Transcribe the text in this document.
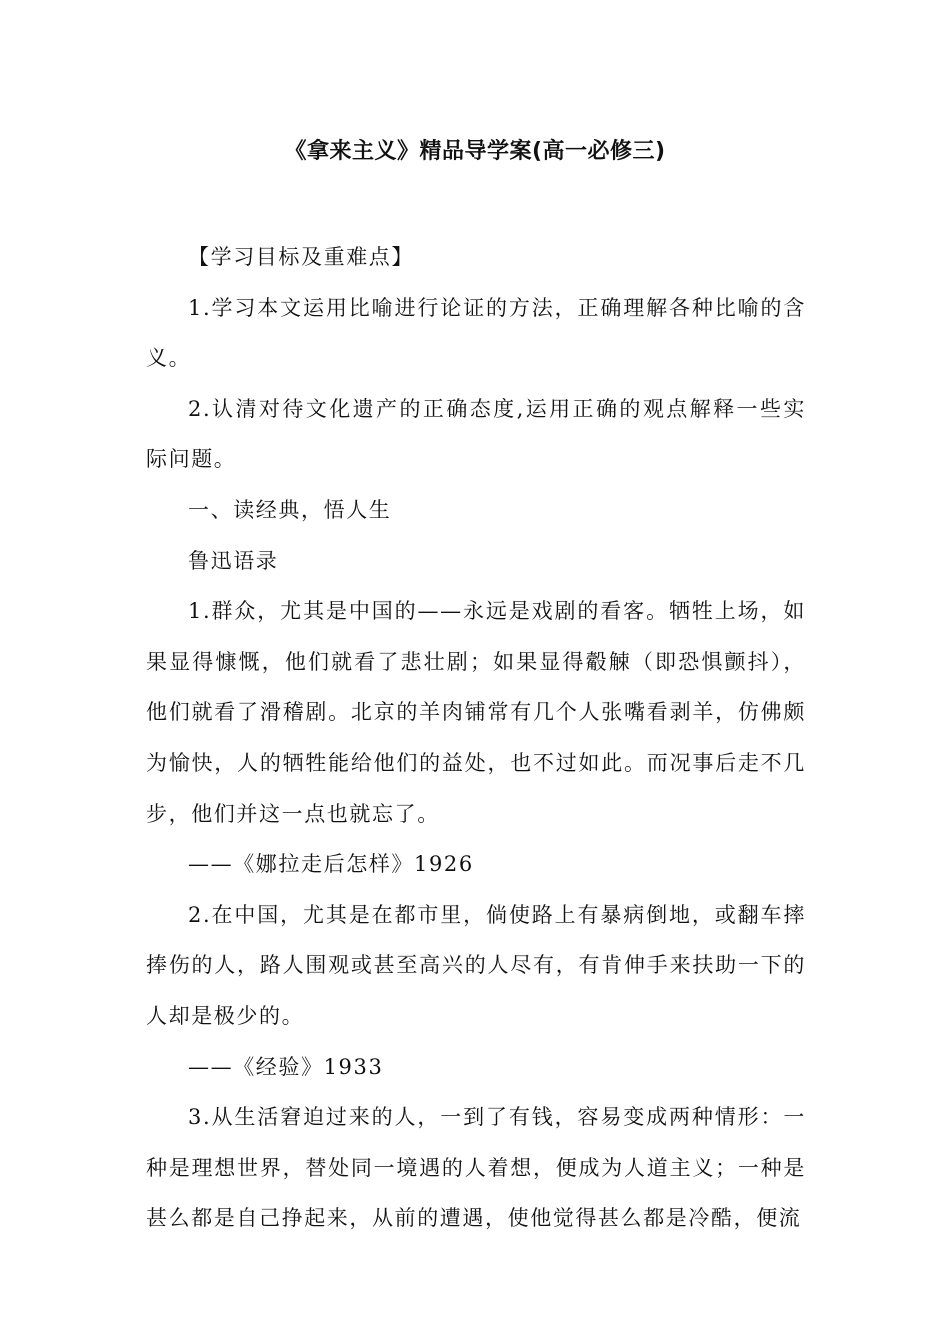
《拿来主义》精品导学案(高一必修三)

【学习目标及重难点】

1.学习本文运用比喻进行论证的方法，正确理解各种比喻的含义。

2.认清对待文化遗产的正确态度,运用正确的观点解释一些实际问题。

一、读经典，悟人生

鲁迅语录

1.群众，尤其是中国的——永远是戏剧的看客。牺牲上场，如果显得慷慨，他们就看了悲壮剧；如果显得觳觫（即恐惧颤抖），他们就看了滑稽剧。北京的羊肉铺常有几个人张嘴看剥羊，仿佛颇为愉快，人的牺牲能给他们的益处，也不过如此。而况事后走不几步，他们并这一点也就忘了。

——《娜拉走后怎样》1926

2.在中国，尤其是在都市里，倘使路上有暴病倒地，或翻车摔捧伤的人，路人围观或甚至高兴的人尽有，有肯伸手来扶助一下的人却是极少的。

——《经验》1933

3.从生活窘迫过来的人，一到了有钱，容易变成两种情形：一种是理想世界，替处同一境遇的人着想，便成为人道主义；一种是甚么都是自己挣起来，从前的遭遇，使他觉得甚么都是冷酷，便流
